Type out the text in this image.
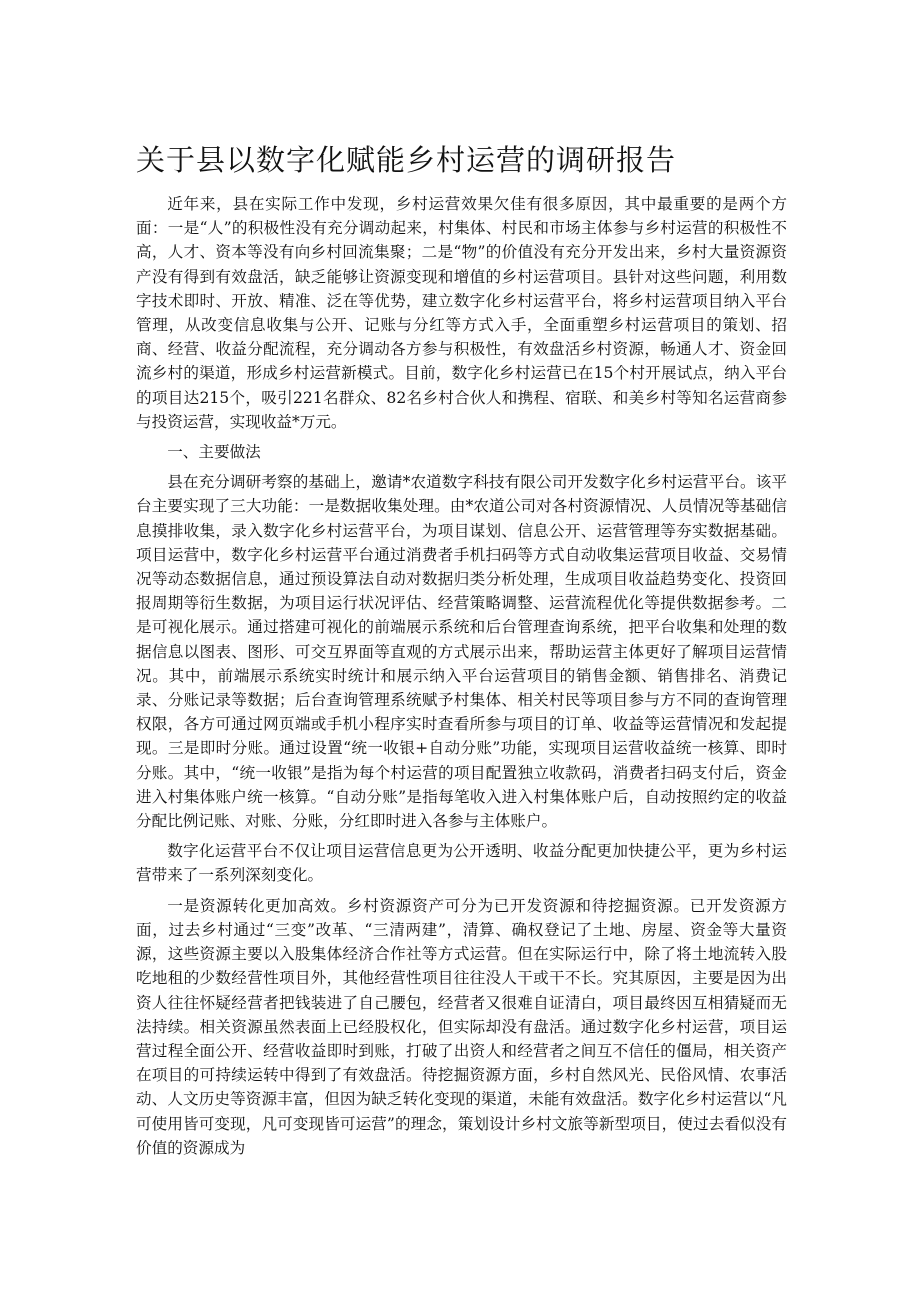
关于县以数字化赋能乡村运营的调研报告

近年来，县在实际工作中发现，乡村运营效果欠佳有很多原因，其中最重要的是两个方面：一是“人”的积极性没有充分调动起来，村集体、村民和市场主体参与乡村运营的积极性不高，人才、资本等没有向乡村回流集聚；二是“物”的价值没有充分开发出来，乡村大量资源资产没有得到有效盘活，缺乏能够让资源变现和增值的乡村运营项目。县针对这些问题，利用数字技术即时、开放、精准、泛在等优势，建立数字化乡村运营平台，将乡村运营项目纳入平台管理，从改变信息收集与公开、记账与分红等方式入手，全面重塑乡村运营项目的策划、招商、经营、收益分配流程，充分调动各方参与积极性，有效盘活乡村资源，畅通人才、资金回流乡村的渠道，形成乡村运营新模式。目前，数字化乡村运营已在15个村开展试点，纳入平台的项目达215个，吸引221名群众、82名乡村合伙人和携程、宿联、和美乡村等知名运营商参与投资运营，实现收益*万元。

一、主要做法

县在充分调研考察的基础上，邀请*农道数字科技有限公司开发数字化乡村运营平台。该平台主要实现了三大功能：一是数据收集处理。由*农道公司对各村资源情况、人员情况等基础信息摸排收集，录入数字化乡村运营平台，为项目谋划、信息公开、运营管理等夯实数据基础。项目运营中，数字化乡村运营平台通过消费者手机扫码等方式自动收集运营项目收益、交易情况等动态数据信息，通过预设算法自动对数据归类分析处理，生成项目收益趋势变化、投资回报周期等衍生数据，为项目运行状况评估、经营策略调整、运营流程优化等提供数据参考。二是可视化展示。通过搭建可视化的前端展示系统和后台管理查询系统，把平台收集和处理的数据信息以图表、图形、可交互界面等直观的方式展示出来，帮助运营主体更好了解项目运营情况。其中，前端展示系统实时统计和展示纳入平台运营项目的销售金额、销售排名、消费记录、分账记录等数据；后台查询管理系统赋予村集体、相关村民等项目参与方不同的查询管理权限，各方可通过网页端或手机小程序实时查看所参与项目的订单、收益等运营情况和发起提现。三是即时分账。通过设置“统一收银+自动分账”功能，实现项目运营收益统一核算、即时分账。其中，“统一收银”是指为每个村运营的项目配置独立收款码，消费者扫码支付后，资金进入村集体账户统一核算。“自动分账”是指每笔收入进入村集体账户后，自动按照约定的收益分配比例记账、对账、分账，分红即时进入各参与主体账户。

数字化运营平台不仅让项目运营信息更为公开透明、收益分配更加快捷公平，更为乡村运营带来了一系列深刻变化。

一是资源转化更加高效。乡村资源资产可分为已开发资源和待挖掘资源。已开发资源方面，过去乡村通过“三变”改革、“三清两建”，清算、确权登记了土地、房屋、资金等大量资源，这些资源主要以入股集体经济合作社等方式运营。但在实际运行中，除了将土地流转入股吃地租的少数经营性项目外，其他经营性项目往往没人干或干不长。究其原因，主要是因为出资人往往怀疑经营者把钱装进了自己腰包，经营者又很难自证清白，项目最终因互相猜疑而无法持续。相关资源虽然表面上已经股权化，但实际却没有盘活。通过数字化乡村运营，项目运营过程全面公开、经营收益即时到账，打破了出资人和经营者之间互不信任的僵局，相关资产在项目的可持续运转中得到了有效盘活。待挖掘资源方面，乡村自然风光、民俗风情、农事活动、人文历史等资源丰富，但因为缺乏转化变现的渠道，未能有效盘活。数字化乡村运营以“凡可使用皆可变现，凡可变现皆可运营”的理念，策划设计乡村文旅等新型项目，使过去看似没有价值的资源成为
